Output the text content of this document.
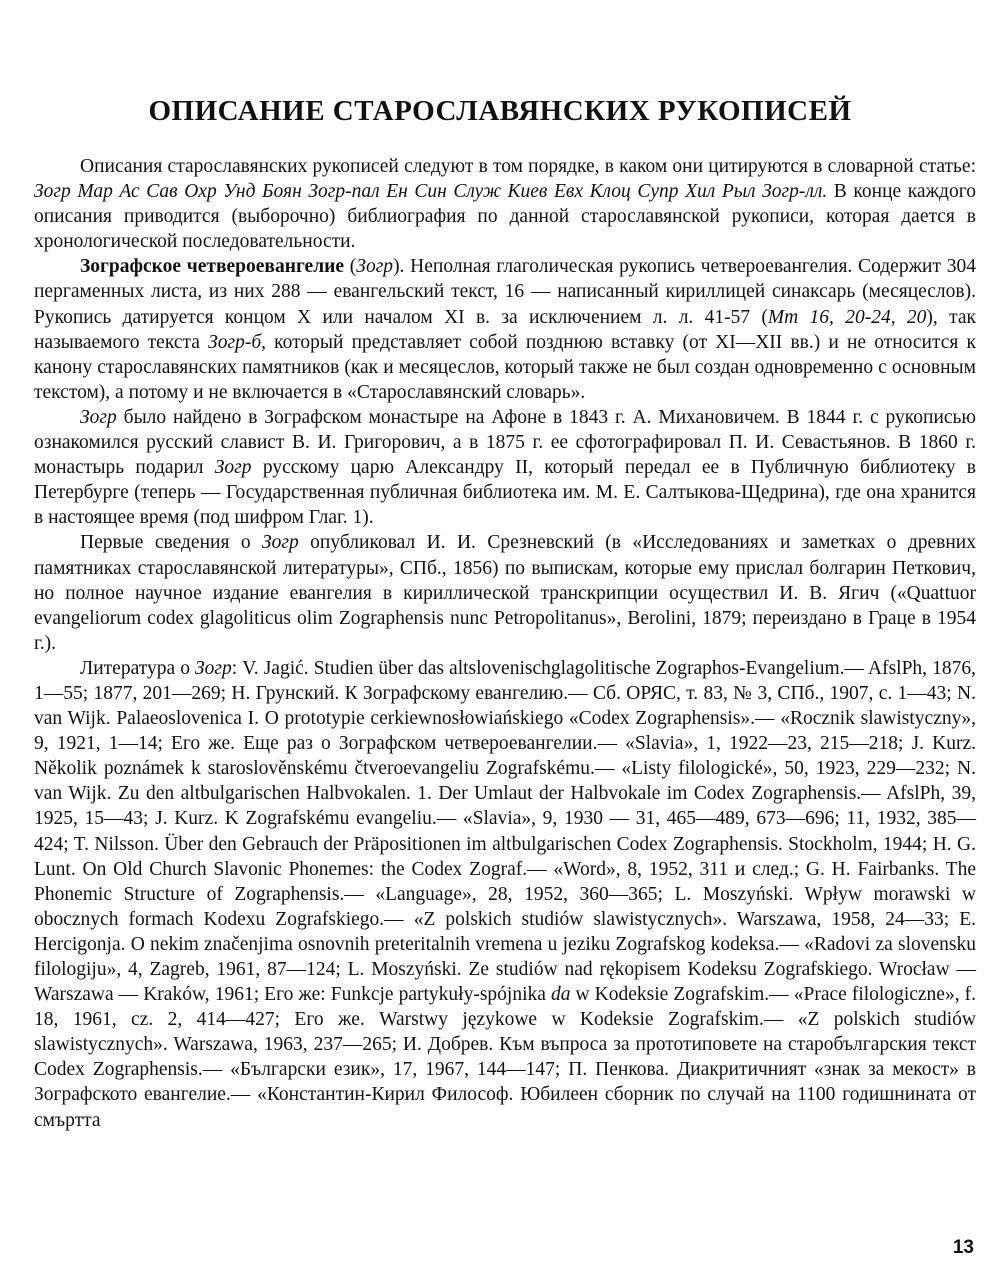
ОПИСАНИЕ СТАРОСЛАВЯНСКИХ РУКОПИСЕЙ

Описания старославянских рукописей следуют в том порядке, в каком они цитируются в словарной статье: Зогр Мар Ас Сав Охр Унд Боян Зогр-пал Ен Син Служ Киев Евх Клоц Супр Хил Рыл Зогр-лл. В конце каждого описания приводится (выборочно) библиография по данной старославянской рукописи, которая дается в хронологической последовательности.

Зографское четвероевангелие (Зогр). Неполная глаголическая рукопись четвероевангелия. Содержит 304 пергаменных листа, из них 288 — евангельский текст, 16 — написанный кириллицей синаксарь (месяцеслов). Рукопись датируется концом X или началом XI в. за исключением л. л. 41-57 (Мт 16, 20-24, 20), так называемого текста Зогр-б, который представляет собой позднюю вставку (от XI—XII вв.) и не относится к канону старославянских памятников (как и месяцеслов, который также не был создан одновременно с основным текстом), а потому и не включается в «Старославянский словарь».

Зогр было найдено в Зографском монастыре на Афоне в 1843 г. А. Михановичем. В 1844 г. с рукописью ознакомился русский славист В. И. Григорович, а в 1875 г. ее сфотографировал П. И. Севастьянов. В 1860 г. монастырь подарил Зогр русскому царю Александру II, который передал ее в Публичную библиотеку в Петербурге (теперь — Государственная публичная библиотека им. М. Е. Салтыкова-Щедрина), где она хранится в настоящее время (под шифром Глаг. 1).

Первые сведения о Зогр опубликовал И. И. Срезневский (в «Исследованиях и заметках о древних памятниках старославянской литературы», СПб., 1856) по выпискам, которые ему прислал болгарин Петкович, но полное научное издание евангелия в кириллической транскрипции осуществил И. В. Ягич («Quattuor evangeliorum codex glagoliticus olim Zographensis nunc Petropolitanus», Berolini, 1879; переиздано в Граце в 1954 г.).

Литература о Зогр: V. Jagić. Studien über das altslovenischglagolitische Zographos-Evangelium.— AfslPh, 1876, 1—55; 1877, 201—269; Н. Грунский. К Зографскому евангелию.— Сб. ОРЯС, т. 83, № 3, СПб., 1907, с. 1—43; N. van Wijk. Palaeoslovenica I. O prototypie cerkiewnosłowiańskiego «Codex Zographensis».— «Rocznik slawistyczny», 9, 1921, 1—14; Его же. Еще раз о Зографском четвероевангелии.— «Slavia», 1, 1922—23, 215—218; J. Kurz. Několik poznámek k staroslověnskému čtveroevangeliu Zografskému.— «Listy filologické», 50, 1923, 229—232; N. van Wijk. Zu den altbulgarischen Halbvokalen. 1. Der Umlaut der Halbvokale im Codex Zographensis.— AfslPh, 39, 1925, 15—43; J. Kurz. K Zografskému evangeliu.— «Slavia», 9, 1930 — 31, 465—489, 673—696; 11, 1932, 385—424; T. Nilsson. Über den Gebrauch der Präpositionen im altbulgarischen Codex Zographensis. Stockholm, 1944; H. G. Lunt. On Old Church Slavonic Phonemes: the Codex Zograf.— «Word», 8, 1952, 311 и след.; G. H. Fairbanks. The Phonemic Structure of Zographensis.— «Language», 28, 1952, 360—365; L. Moszyński. Wpływ morawski w obocznych formach Kodexu Zografskiego.— «Z polskich studiów slawistycznych». Warszawa, 1958, 24—33; E. Hercigonja. O nekim značenjima osnovnih preteritalnih vremena u jeziku Zografskog kodeksa.— «Radovi za slovensku filologiju», 4, Zagreb, 1961, 87—124; L. Moszyński. Ze studiów nad rękopisem Kodeksu Zografskiego. Wrocław — Warszawa — Kraków, 1961; Его же: Funkcje partykuły-spójnika da w Kodeksie Zografskim.— «Prace filologiczne», f. 18, 1961, cz. 2, 414—427; Его же. Warstwy językowe w Kodeksie Zografskim.— «Z polskich studiów slawistycznych». Warszawa, 1963, 237—265; И. Добрев. Към въпроса за прототиповете на старобългарския текст Codex Zographensis.— «Български език», 17, 1967, 144—147; П. Пенкова. Диакритичният «знак за мекост» в Зографското евангелие.— «Константин-Кирил Философ. Юбилеен сборник по случай на 1100 годишнината от смъртта

13
